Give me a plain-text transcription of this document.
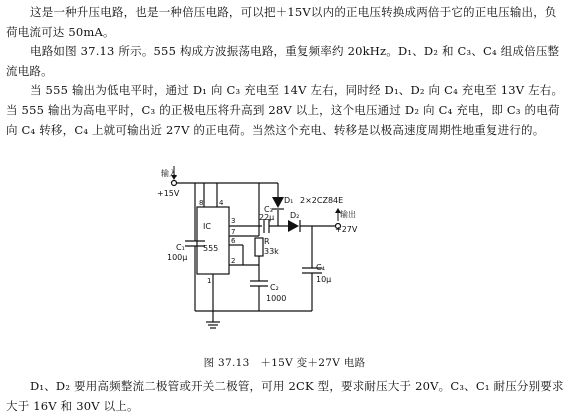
这是一种升压电路，也是一种倍压电路，可以把＋15V以内的正电压转换成两倍于它的正电压输出，负荷电流可达 50mA。
电路如图 37.13 所示。555 构成方波振荡电路，重复频率约 20kHz。D₁、D₂ 和 C₃、C₄ 组成倍压整流电路。
当 555 输出为低电平时，通过 D₁ 向 C₃ 充电至 14V 左右，同时经 D₁、D₂ 向 C₄ 充电至 13V 左右。当 555 输出为高电平时，C₃ 的正极电压将升高到 28V 以上，这个电压通过 D₂ 向 C₄ 充电，即 C₃ 的电荷向 C₄ 转移，C₄ 上就可输出近 27V 的正电荷。当然这个充电、转移是以极高速度周期性地重复进行的。
输入
+15V
输出
+27V
IC
555
8 4
3
7
6
2
1
C₁
100μ
C₂
1000
C₃
22μ
C₄
10μ
R
33k
D₁ 2×2CZ84E
D₂
图 37.13　＋15V 变＋27V 电路
D₁、D₂ 要用高频整流二极管或开关二极管，可用 2CK 型，要求耐压大于 20V。C₃、C₁ 耐压分别要求大于 16V 和 30V 以上。
